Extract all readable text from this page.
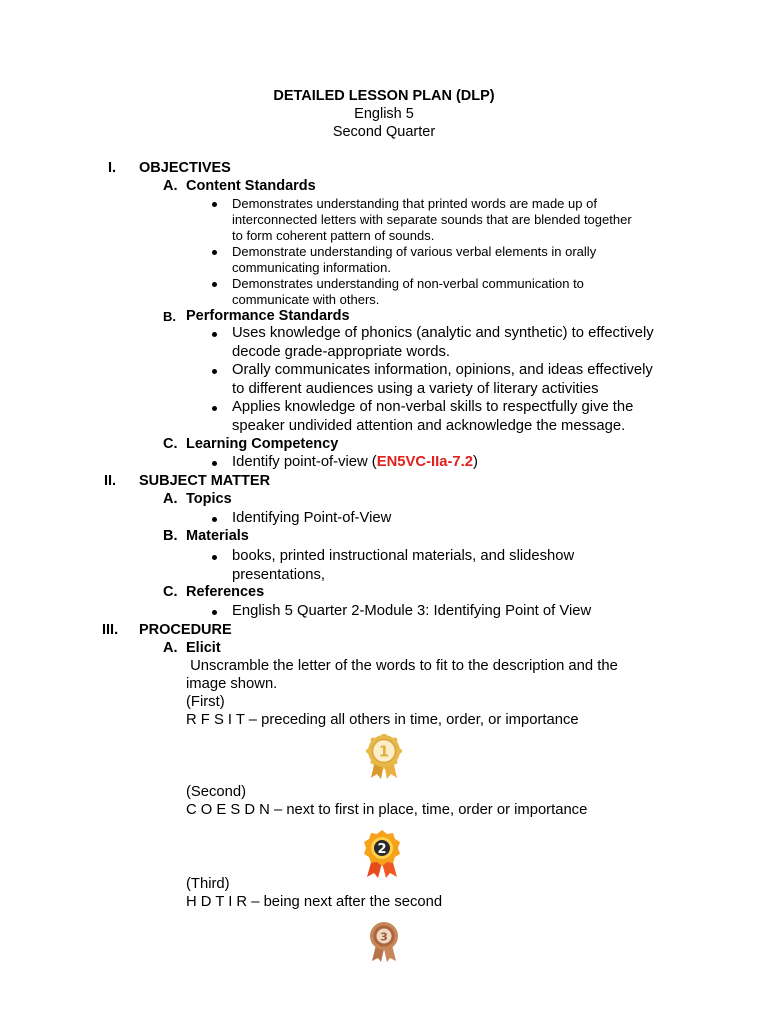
DETAILED LESSON PLAN (DLP)
English 5
Second Quarter
I. OBJECTIVES
A. Content Standards
Demonstrates understanding that printed words are made up of
interconnected letters with separate sounds that are blended together
to form coherent pattern of sounds.
Demonstrate understanding of various verbal elements in orally
communicating information.
Demonstrates understanding of non-verbal communication to
communicate with others.
B. Performance Standards
Uses knowledge of phonics (analytic and synthetic) to effectively
decode grade-appropriate words.
Orally communicates information, opinions, and ideas effectively
to different audiences using a variety of literary activities
Applies knowledge of non-verbal skills to respectfully give the
speaker undivided attention and acknowledge the message.
C. Learning Competency
Identify point-of-view (EN5VC-IIa-7.2)
II. SUBJECT MATTER
A. Topics
Identifying Point-of-View
B. Materials
books, printed instructional materials, and slideshow
presentations,
C. References
English 5 Quarter 2-Module 3: Identifying Point of View
III. PROCEDURE
A. Elicit
Unscramble the letter of the words to fit to the description and the
image shown.
(First)
R F S I T – preceding all others in time, order, or importance
1
(Second)
C O E S D N – next to first in place, time, order or importance
2
(Third)
H D T I R – being next after the second
3
